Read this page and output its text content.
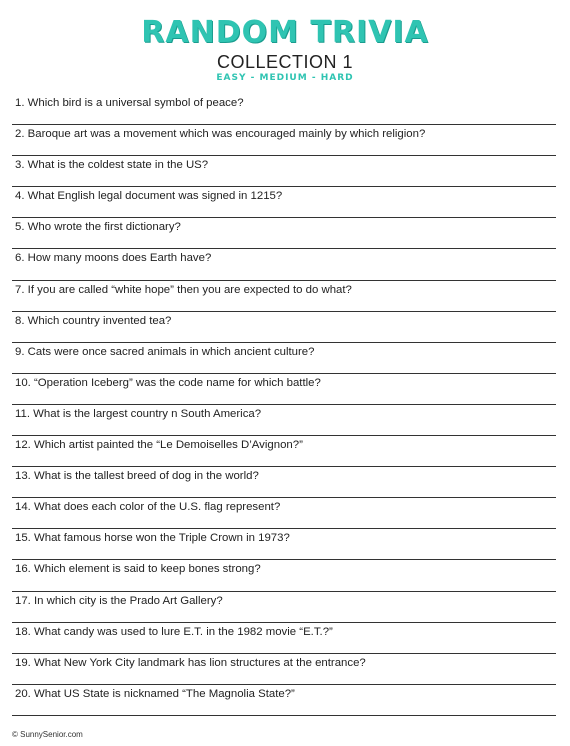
RANDOM TRIVIA
COLLECTION 1
EASY - MEDIUM - HARD
1. Which bird is a universal symbol of peace?
2. Baroque art was a movement which was encouraged mainly by which religion?
3. What is the coldest state in the US?
4. What English legal document was signed in 1215?
5. Who wrote the first dictionary?
6. How many moons does Earth have?
7. If you are called “white hope” then you are expected to do what?
8. Which country invented tea?
9. Cats were once sacred animals in which ancient culture?
10. “Operation Iceberg” was the code name for which battle?
11. What is the largest country n South America?
12. Which artist painted the “Le Demoiselles D’Avignon?”
13. What is the tallest breed of dog in the world?
14. What does each color of the U.S. flag represent?
15. What famous horse won the Triple Crown in 1973?
16. Which element is said to keep bones strong?
17. In which city is the Prado Art Gallery?
18. What candy was used to lure E.T. in the 1982 movie “E.T.?”
19. What New York City landmark has lion structures at the entrance?
20. What US State is nicknamed “The Magnolia State?”
© SunnySenior.com
